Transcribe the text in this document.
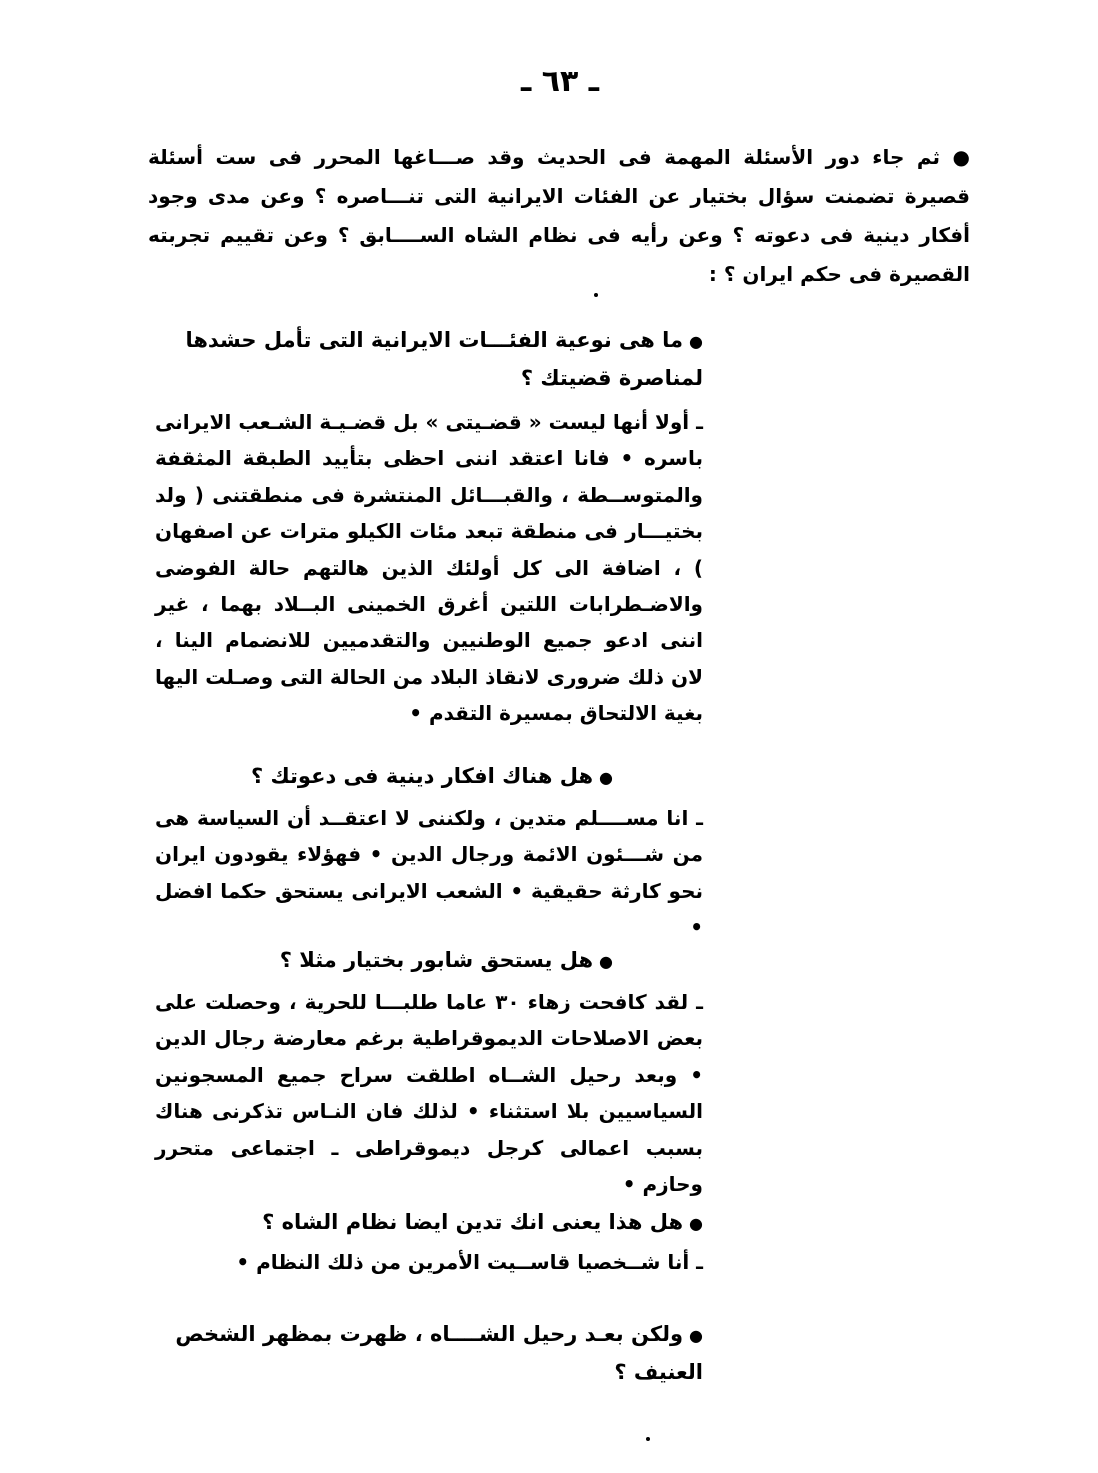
ـ ٦٣ ـ
● ثم جاء دور الأسئلة المهمة فى الحديث وقد صـــاغها المحرر فى ست أسئلة قصيرة تضمنت سؤال بختيار عن الفئات الايرانية التى تنـــاصره ؟ وعن مدى وجود أفكار دينية فى دعوته ؟ وعن رأيه فى نظام الشاه الســــابق ؟ وعن تقييم تجربته القصيرة فى حكم ايران ؟ :
●ما هى نوعية الفئـــات الايرانية التى تأمل حشدها لمناصرة قضيتك ؟
ـ أولا أنها ليست « قضـيتى » بل قضـيـة الشـعب الايرانى باسره • فانا اعتقد اننى احظى بتأييد الطبقة المثقفة والمتوســطة ، والقبـــائل المنتشرة فى منطقتنى ( ولد بختيـــار فى منطقة تبعد مئات الكيلو مترات عن اصفهان ) ، اضافة الى كل أولئك الذين هالتهم حالة الفوضى والاضـطرابات اللتين أغرق الخمينى البــلاد بهما ، غير اننى ادعو جميع الوطنيين والتقدميين للانضمام الينا ، لان ذلك ضرورى لانقاذ البلاد من الحالة التى وصـلت اليها بغية الالتحاق بمسيرة التقدم •
●هل هناك افكار دينية فى دعوتك ؟
ـ انا مســــلم متدين ، ولكننى لا اعتقــد أن السياسة هى من شـــئون الائمة ورجال الدين • فهؤلاء يقودون ايران نحو كارثة حقيقية • الشعب الايرانى يستحق حكما افضل •
●هل يستحق شابور بختيار مثلا ؟
ـ لقد كافحت زهاء ٣٠ عاما طلبـــا للحرية ، وحصلت على بعض الاصلاحات الديموقراطية برغم معارضة رجال الدين • وبعد رحيل الشــاه اطلقت سراح جميع المسجونين السياسيين بلا استثناء • لذلك فان النـاس تذكرنى هناك بسبب اعمالى كرجل ديموقراطى ـ اجتماعى متحرر وحازم •
●هل هذا يعنى انك تدين ايضا نظام الشاه ؟
ـ أنا شــخصيا قاســيت الأمرين من ذلك النظام •
●ولكن بعـد رحيل الشــــاه ، ظهرت بمظهر الشخص العنيف ؟
